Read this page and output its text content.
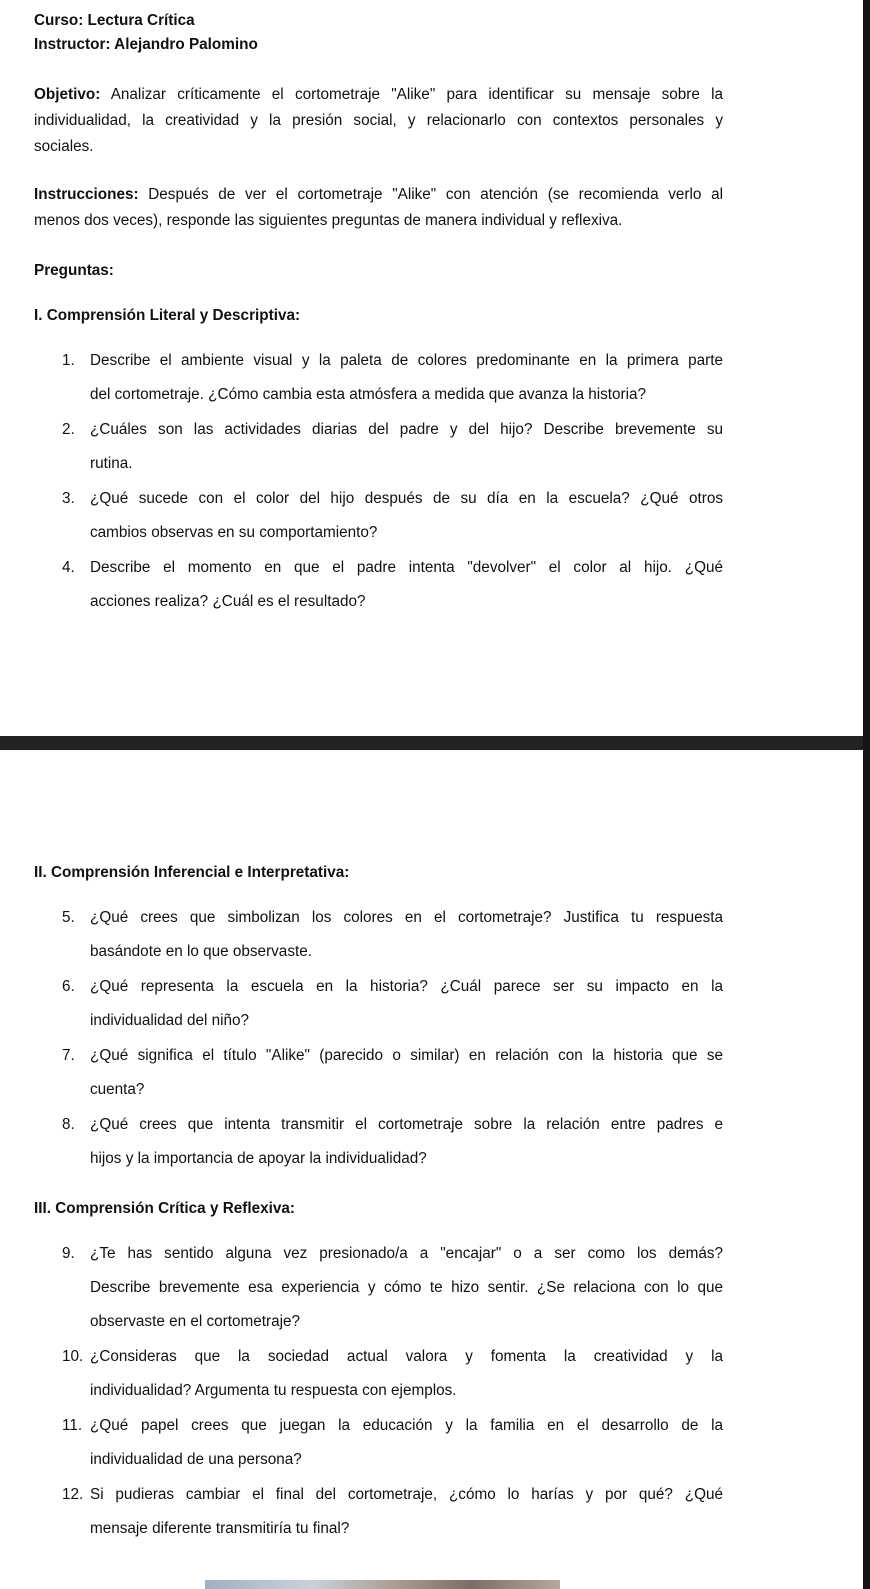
Curso: Lectura Crítica
Instructor: Alejandro Palomino
Objetivo: Analizar críticamente el cortometraje "Alike" para identificar su mensaje sobre la
individualidad, la creatividad y la presión social, y relacionarlo con contextos personales y
sociales.
Instrucciones: Después de ver el cortometraje "Alike" con atención (se recomienda verlo al
menos dos veces), responde las siguientes preguntas de manera individual y reflexiva.
Preguntas:
I. Comprensión Literal y Descriptiva:
1. Describe el ambiente visual y la paleta de colores predominante en la primera parte
del cortometraje. ¿Cómo cambia esta atmósfera a medida que avanza la historia?
2. ¿Cuáles son las actividades diarias del padre y del hijo? Describe brevemente su
rutina.
3. ¿Qué sucede con el color del hijo después de su día en la escuela? ¿Qué otros
cambios observas en su comportamiento?
4. Describe el momento en que el padre intenta "devolver" el color al hijo. ¿Qué
acciones realiza? ¿Cuál es el resultado?
II. Comprensión Inferencial e Interpretativa:
5. ¿Qué crees que simbolizan los colores en el cortometraje? Justifica tu respuesta
basándote en lo que observaste.
6. ¿Qué representa la escuela en la historia? ¿Cuál parece ser su impacto en la
individualidad del niño?
7. ¿Qué significa el título "Alike" (parecido o similar) en relación con la historia que se
cuenta?
8. ¿Qué crees que intenta transmitir el cortometraje sobre la relación entre padres e
hijos y la importancia de apoyar la individualidad?
III. Comprensión Crítica y Reflexiva:
9. ¿Te has sentido alguna vez presionado/a a "encajar" o a ser como los demás?
Describe brevemente esa experiencia y cómo te hizo sentir. ¿Se relaciona con lo que
observaste en el cortometraje?
10. ¿Consideras que la sociedad actual valora y fomenta la creatividad y la
individualidad? Argumenta tu respuesta con ejemplos.
11. ¿Qué papel crees que juegan la educación y la familia en el desarrollo de la
individualidad de una persona?
12. Si pudieras cambiar el final del cortometraje, ¿cómo lo harías y por qué? ¿Qué
mensaje diferente transmitiría tu final?
